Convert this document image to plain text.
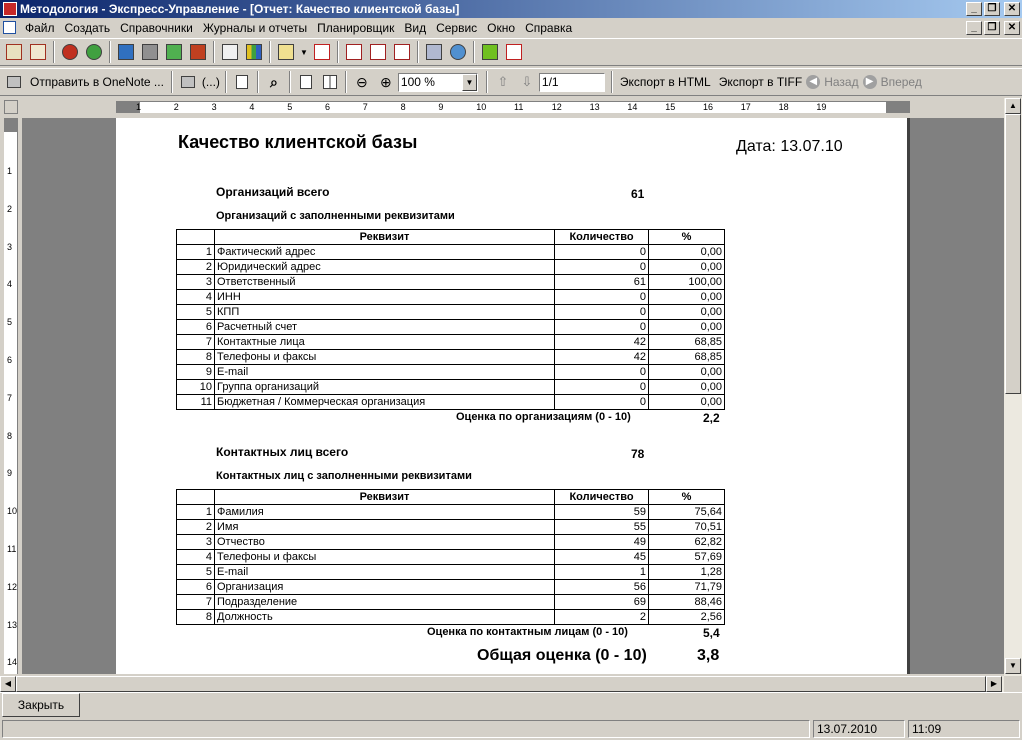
Методология - Экспресс-Управление - [Отчет: Качество клиентской базы]	_	❐	✕
Файл Создать Справочники Журналы и отчеты Планировщик Вид Сервис Окно Справка	_	❐	✕
▼
Отправить в OneNote ...	(...)	⌕	⊖ ⊕ 100 %	▼ ⇧ ⇩ 1/1	Экспорт в HTML Экспорт в TIFF ◀ Назад ▶ Вперед
1	2	3	4	5	6	7	8	9	10	11	12	13	14	15	16	17	18	19
1
2
3
4
5
6
7
8
9
10
11
12
13
14
Качество клиентской базы	Дата: 13.07.10
Организаций всего	61
Организаций с заполненными реквизитами
	Реквизит	Количество	%
1	Фактический адрес	0	0,00
2	Юридический адрес	0	0,00
3	Ответственный	61	100,00
4	ИНН	0	0,00
5	КПП	0	0,00
6	Расчетный счет	0	0,00
7	Контактные лица	42	68,85
8	Телефоны и факсы	42	68,85
9	E-mail	0	0,00
10	Группа организаций	0	0,00
11	Бюджетная / Коммерческая организация	0	0,00
Оценка по организациям (0 - 10)	2,2
Контактных лиц всего	78
Контактных лиц с заполненными реквизитами
	Реквизит	Количество	%
1	Фамилия	59	75,64
2	Имя	55	70,51
3	Отчество	49	62,82
4	Телефоны и факсы	45	57,69
5	E-mail	1	1,28
6	Организация	56	71,79
7	Подразделение	69	88,46
8	Должность	2	2,56
Оценка по контактным лицам (0 - 10)	5,4
Общая оценка (0 - 10)	3,8
▲
▼
◀	▶
Закрыть
13.07.2010	11:09
